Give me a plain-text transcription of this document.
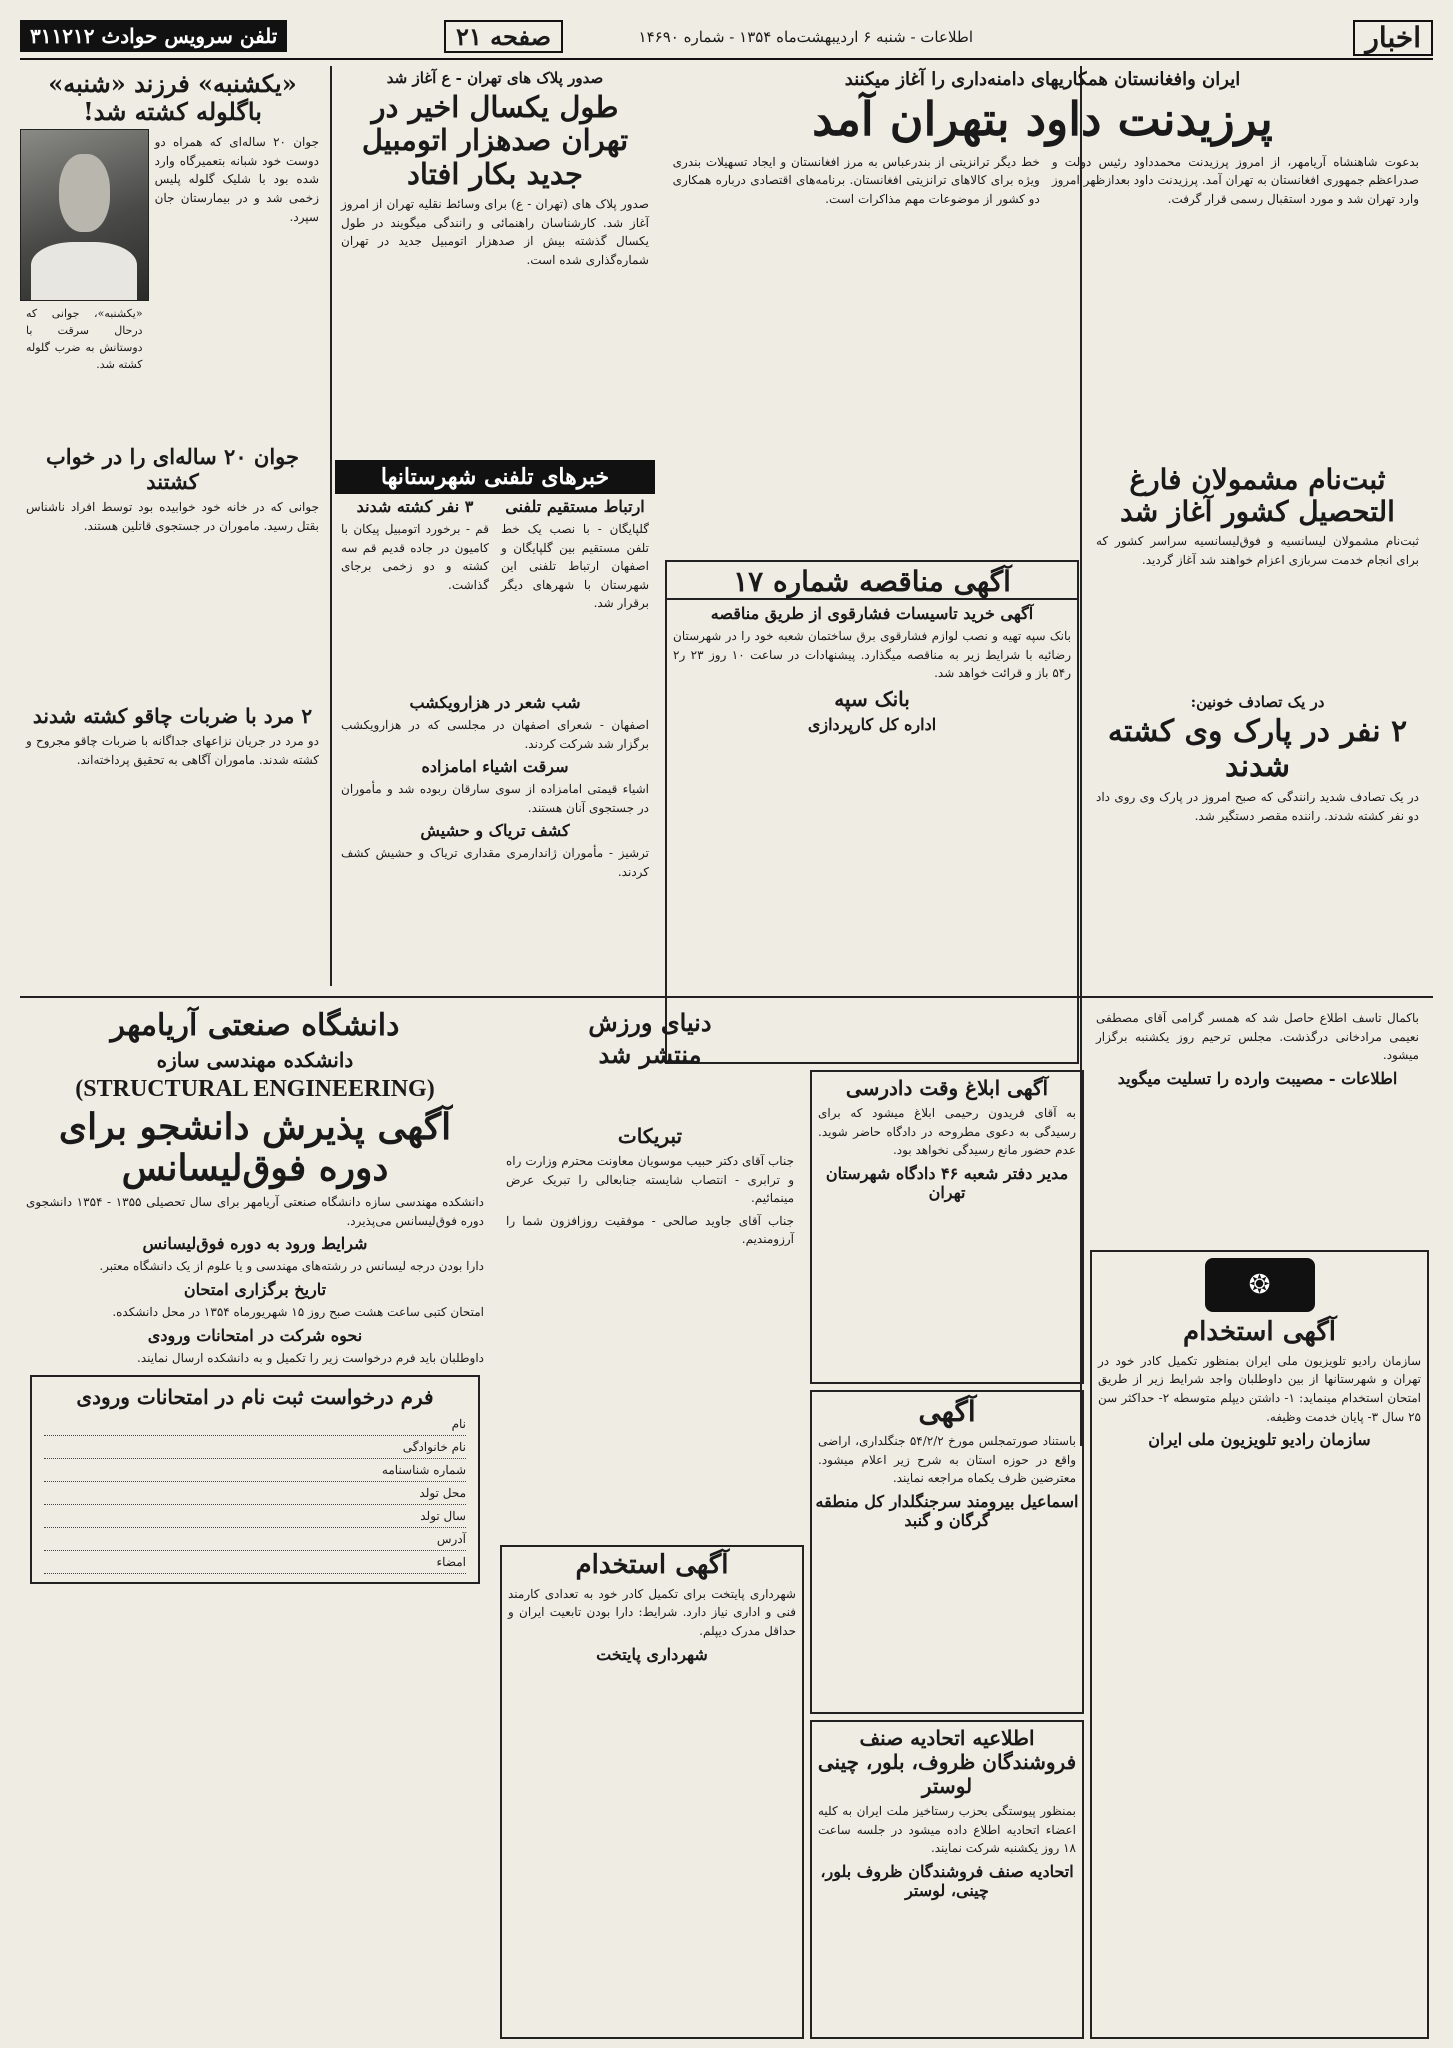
اخبار
اطلاعات - شنبه ۶ اردیبهشت‌ماه ۱۳۵۴ - شماره ۱۴۶۹۰
صفحه ۲۱
تلفن سرویس حوادث ۳۱۱۲۱۲
ایران وافغانستان همکاریهای دامنه‌داری را آغاز میکنند
پرزیدنت داود بتهران آمد
بدعوت شاهنشاه آریامهر، از امروز پرزیدنت محمدداود رئیس دولت و صدراعظم جمهوری افغانستان به تهران آمد. پرزیدنت داود بعدازظهر امروز وارد تهران شد و مورد استقبال رسمی قرار گرفت.
خط دیگر ترانزیتی از بندرعباس به مرز افغانستان و ایجاد تسهیلات بندری ویژه برای کالاهای ترانزیتی افغانستان. برنامه‌های اقتصادی درباره همکاری دو کشور از موضوعات مهم مذاکرات است.
صدور پلاک های تهران - ع آغاز شد
طول یکسال اخیر در تهران صدهزار اتومبیل جدید بکار افتاد
صدور پلاک های (تهران - ع) برای وسائط نقلیه تهران از امروز آغاز شد. کارشناسان راهنمائی و رانندگی میگویند در طول یکسال گذشته بیش از صدهزار اتومبیل جدید در تهران شماره‌گذاری شده است.
ثبت‌نام مشمولان فارغ التحصیل کشور آغاز شد
ثبت‌نام مشمولان لیسانسیه و فوق‌لیسانسیه سراسر کشور که برای انجام خدمت سربازی اعزام خواهند شد آغاز گردید.
در یک تصادف خونین:
۲ نفر در پارک وی کشته شدند
در یک تصادف شدید رانندگی که صبح امروز در پارک وی روی داد دو نفر کشته شدند. راننده مقصر دستگیر شد.
«یکشنبه» فرزند «شنبه» باگلوله کشته شد!
جوان ۲۰ ساله‌ای که همراه دو دوست خود شبانه بتعمیرگاه وارد شده بود با شلیک گلوله پلیس زخمی شد و در بیمارستان جان سپرد.
«یکشنبه»، جوانی که درحال سرقت با دوستانش به ضرب گلوله کشته شد.
جوان ۲۰ ساله‌ای را در خواب کشتند
جوانی که در خانه خود خوابیده بود توسط افراد ناشناس بقتل رسید. ماموران در جستجوی قاتلین هستند.
۲ مرد با ضربات چاقو کشته شدند
دو مرد در جریان نزاعهای جداگانه با ضربات چاقو مجروح و کشته شدند. ماموران آگاهی به تحقیق پرداخته‌اند.
خبرهای تلفنی شهرستانها
ارتباط مستقیم تلفنی
گلپایگان - با نصب یک خط تلفن مستقیم بین گلپایگان و اصفهان ارتباط تلفنی این شهرستان با شهرهای دیگر برقرار شد.
۳ نفر کشته شدند
قم - برخورد اتومبیل پیکان با کامیون در جاده قدیم قم سه کشته و دو زخمی برجای گذاشت.
شب شعر در هزارویکشب
اصفهان - شعرای اصفهان در مجلسی که در هزارویکشب برگزار شد شرکت کردند.
سرقت اشیاء امامزاده
اشیاء قیمتی امامزاده از سوی سارقان ربوده شد و مأموران در جستجوی آنان هستند.
کشف تریاک و حشیش
ترشیز - مأموران ژاندارمری مقداری تریاک و حشیش کشف کردند.
آگهی مناقصه شماره ۱۷
آگهی خرید تاسیسات فشارقوی از طریق مناقصه
بانک سپه تهیه و نصب لوازم فشارقوی برق ساختمان شعبه خود را در شهرستان رضائیه با شرایط زیر به مناقصه میگذارد. پیشنهادات در ساعت ۱۰ روز ۲۳ ر۲ ر۵۴ باز و قرائت خواهد شد.
بانک سپه
اداره کل کارپردازی
باکمال تاسف اطلاع حاصل شد که همسر گرامی آقای مصطفی نعیمی مرادخانی درگذشت. مجلس ترحیم روز یکشنبه برگزار میشود.
اطلاعات - مصیبت وارده را تسلیت میگوید
دانشگاه صنعتی آریامهر
دانشکده مهندسی سازه
(STRUCTURAL ENGINEERING)
آگهی پذیرش دانشجو برای دوره فوق‌لیسانس
دانشکده مهندسی سازه دانشگاه صنعتی آریامهر برای سال تحصیلی ۱۳۵۵ - ۱۳۵۴ دانشجوی دوره فوق‌لیسانس می‌پذیرد.
شرایط ورود به دوره فوق‌لیسانس
دارا بودن درجه لیسانس در رشته‌های مهندسی و یا علوم از یک دانشگاه معتبر.
تاریخ برگزاری امتحان
امتحان کتبی ساعت هشت صبح روز ۱۵ شهریورماه ۱۳۵۴ در محل دانشکده.
نحوه شرکت در امتحانات ورودی
داوطلبان باید فرم درخواست زیر را تکمیل و به دانشکده ارسال نمایند.
فرم درخواست ثبت نام در امتحانات ورودی
نام
نام خانوادگی
شماره شناسنامه
محل تولد
سال تولد
آدرس
امضاء
دنیای ورزش
منتشر شد
تبریکات
جناب آقای دکتر حبیب موسویان معاونت محترم وزارت راه و ترابری - انتصاب شایسته جنابعالی را تبریک عرض مینمائیم.
جناب آقای جاوید صالحی - موفقیت روزافزون شما را آرزومندیم.
آگهی استخدام
شهرداری پایتخت برای تکمیل کادر خود به تعدادی کارمند فنی و اداری نیاز دارد. شرایط: دارا بودن تابعیت ایران و حداقل مدرک دیپلم.
شهرداری پایتخت
آگهی ابلاغ وقت دادرسی
به آقای فریدون رحیمی ابلاغ میشود که برای رسیدگی به دعوی مطروحه در دادگاه حاضر شوید. عدم حضور مانع رسیدگی نخواهد بود.
مدیر دفتر شعبه ۴۶ دادگاه شهرستان تهران
آگهی
باستناد صورتمجلس مورخ ۵۴/۲/۲ جنگلداری، اراضی واقع در حوزه استان به شرح زیر اعلام میشود. معترضین ظرف یکماه مراجعه نمایند.
اسماعیل بیرومند سرجنگلدار کل منطقه گرگان و گنبد
اطلاعیه اتحادیه صنف فروشندگان ظروف، بلور، چینی لوستر
بمنظور پیوستگی بحزب رستاخیز ملت ایران به کلیه اعضاء اتحادیه اطلاع داده میشود در جلسه ساعت ۱۸ روز یکشنبه شرکت نمایند.
اتحادیه صنف فروشندگان ظروف بلور، چینی، لوستر
❂
آگهی استخدام
سازمان رادیو تلویزیون ملی ایران بمنظور تکمیل کادر خود در تهران و شهرستانها از بین داوطلبان واجد شرایط زیر از طریق امتحان استخدام مینماید: ۱- داشتن دیپلم متوسطه ۲- حداکثر سن ۲۵ سال ۳- پایان خدمت وظیفه.
سازمان رادیو تلویزیون ملی ایران
